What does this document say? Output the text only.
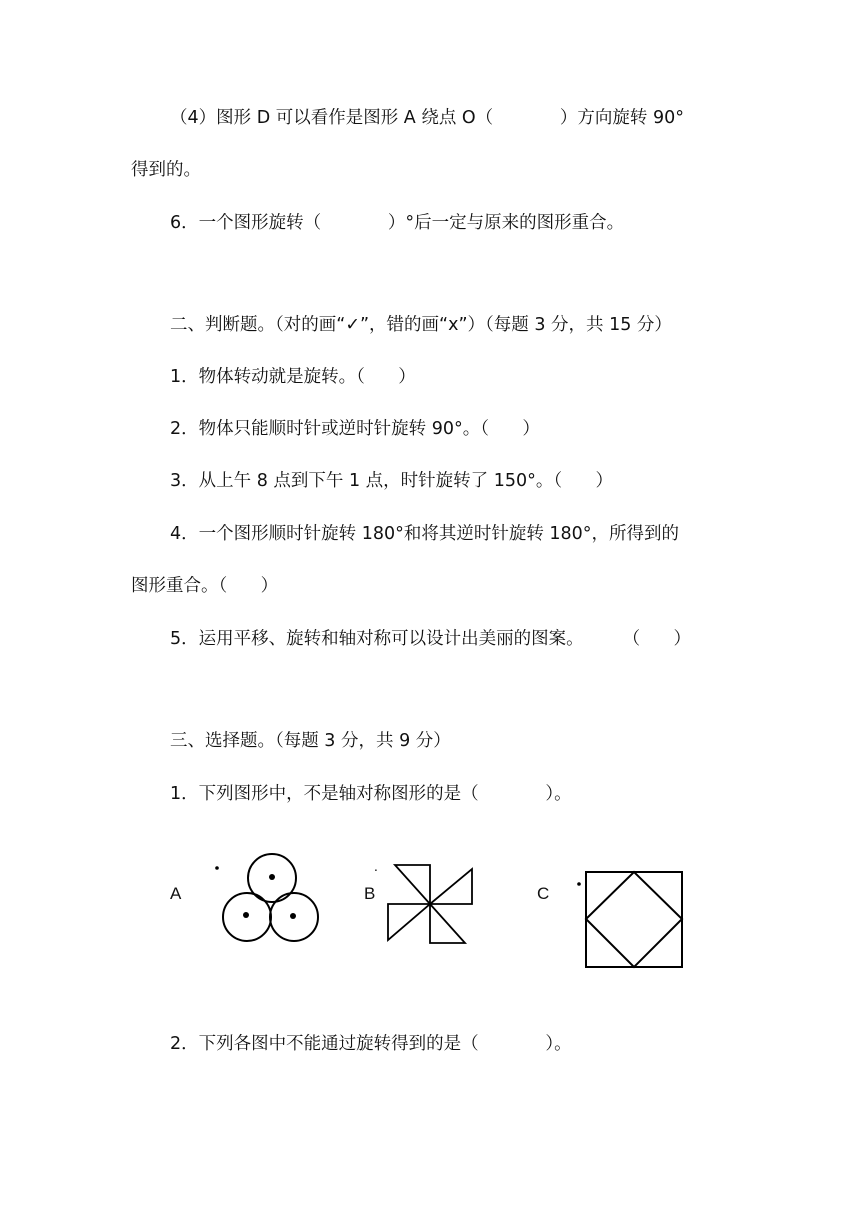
（4）图形 D 可以看作是图形 A 绕点 O（            ）方向旋转 90°
得到的。
6．一个图形旋转（            ）°后一定与原来的图形重合。
二、判断题。（对的画“✓”，错的画“x”）（每题 3 分，共 15 分）
1．物体转动就是旋转。（      ）
2．物体只能顺时针或逆时针旋转 90°。（      ）
3．从上午 8 点到下午 1 点，时针旋转了 150°。（      ）
4．一个图形顺时针旋转 180°和将其逆时针旋转 180°，所得到的
图形重合。（      ）
5．运用平移、旋转和轴对称可以设计出美丽的图案。       （      ）
三、选择题。（每题 3 分，共 9 分）
1．下列图形中，不是轴对称图形的是（            ）。
A	B
.
C
2．下列各图中不能通过旋转得到的是（            ）。
